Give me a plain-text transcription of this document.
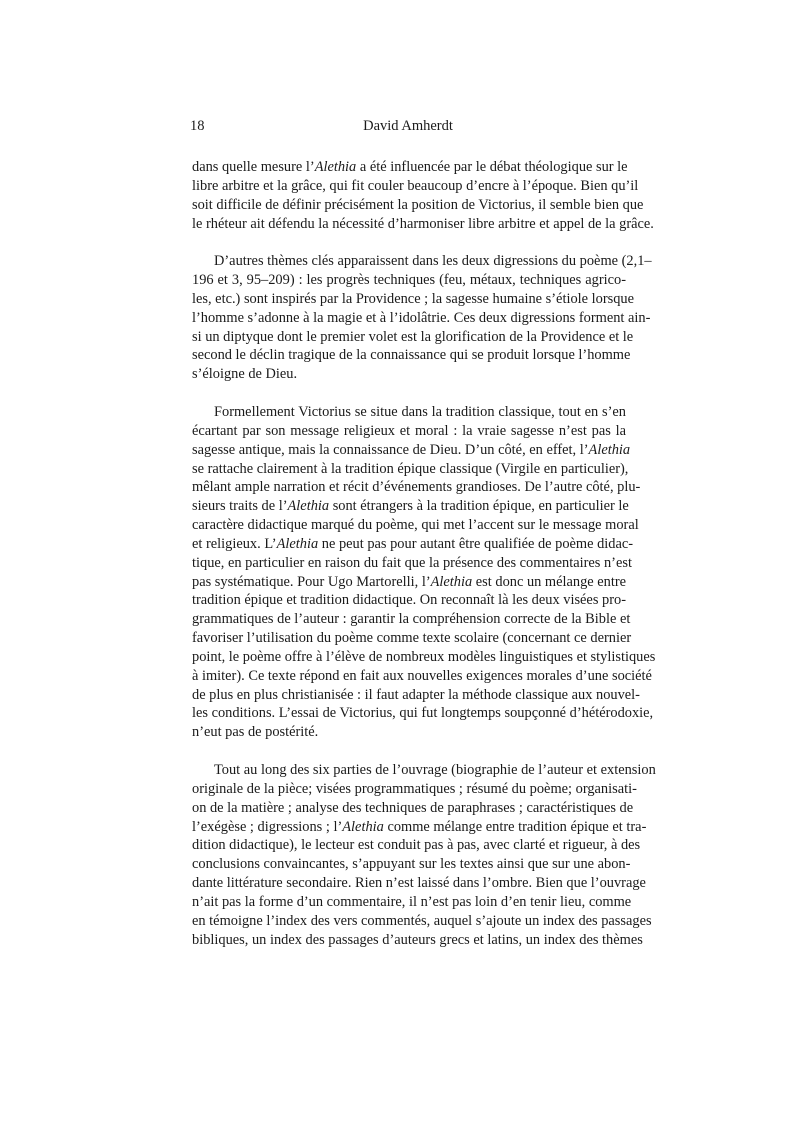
18	David Amherdt
dans quelle mesure l’Alethia a été influencée par le débat théologique sur le
libre arbitre et la grâce, qui fit couler beaucoup d’encre à l’époque. Bien qu’il
soit difficile de définir précisément la position de Victorius, il semble bien que
le rhéteur ait défendu la nécessité d’harmoniser libre arbitre et appel de la grâce.
D’autres thèmes clés apparaissent dans les deux digressions du poème (2,1–
196 et 3, 95–209) : les progrès techniques (feu, métaux, techniques agrico-
les, etc.) sont inspirés par la Providence ; la sagesse humaine s’étiole lorsque
l’homme s’adonne à la magie et à l’idolâtrie. Ces deux digressions forment ain-
si un diptyque dont le premier volet est la glorification de la Providence et le
second le déclin tragique de la connaissance qui se produit lorsque l’homme
s’éloigne de Dieu.
Formellement Victorius se situe dans la tradition classique, tout en s’en
écartant par son message religieux et moral : la vraie sagesse n’est pas la
sagesse antique, mais la connaissance de Dieu. D’un côté, en effet, l’Alethia
se rattache clairement à la tradition épique classique (Virgile en particulier),
mêlant ample narration et récit d’événements grandioses. De l’autre côté, plu-
sieurs traits de l’Alethia sont étrangers à la tradition épique, en particulier le
caractère didactique marqué du poème, qui met l’accent sur le message moral
et religieux. L’Alethia ne peut pas pour autant être qualifiée de poème didac-
tique, en particulier en raison du fait que la présence des commentaires n’est
pas systématique. Pour Ugo Martorelli, l’Alethia est donc un mélange entre
tradition épique et tradition didactique. On reconnaît là les deux visées pro-
grammatiques de l’auteur : garantir la compréhension correcte de la Bible et
favoriser l’utilisation du poème comme texte scolaire (concernant ce dernier
point, le poème offre à l’élève de nombreux modèles linguistiques et stylistiques
à imiter). Ce texte répond en fait aux nouvelles exigences morales d’une société
de plus en plus christianisée : il faut adapter la méthode classique aux nouvel-
les conditions. L’essai de Victorius, qui fut longtemps soupçonné d’hétérodoxie,
n’eut pas de postérité.
Tout au long des six parties de l’ouvrage (biographie de l’auteur et extension
originale de la pièce; visées programmatiques ; résumé du poème; organisati-
on de la matière ; analyse des techniques de paraphrases ; caractéristiques de
l’exégèse ; digressions ; l’Alethia comme mélange entre tradition épique et tra-
dition didactique), le lecteur est conduit pas à pas, avec clarté et rigueur, à des
conclusions convaincantes, s’appuyant sur les textes ainsi que sur une abon-
dante littérature secondaire. Rien n’est laissé dans l’ombre. Bien que l’ouvrage
n’ait pas la forme d’un commentaire, il n’est pas loin d’en tenir lieu, comme
en témoigne l’index des vers commentés, auquel s’ajoute un index des passages
bibliques, un index des passages d’auteurs grecs et latins, un index des thèmes
